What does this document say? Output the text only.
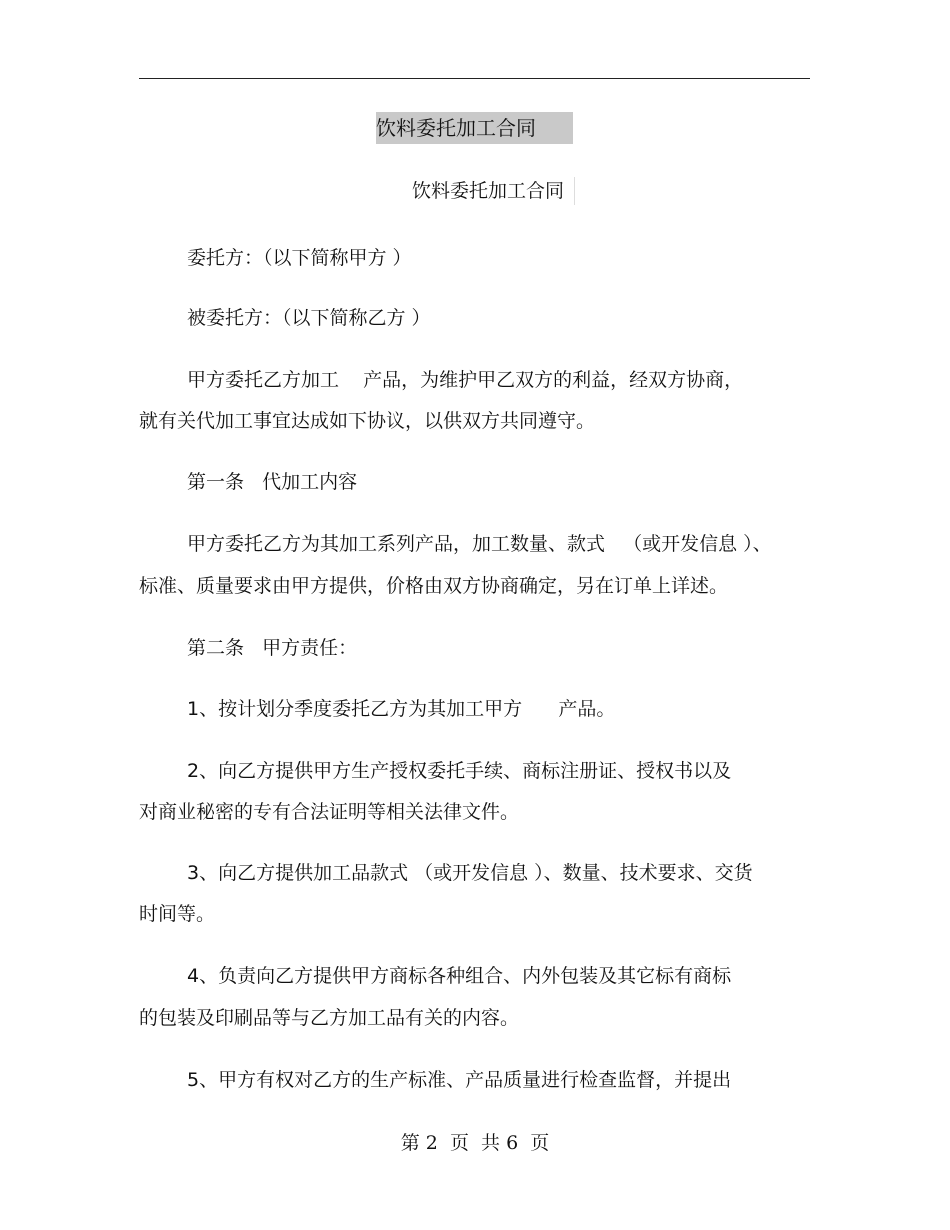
饮料委托加工合同
饮料委托加工合同
委托方：（以下简称甲方 ）
被委托方：（以下简称乙方 ）
甲方委托乙方加工    产品，为维护甲乙双方的利益，经双方协商，
就有关代加工事宜达成如下协议，以供双方共同遵守。
第一条   代加工内容
甲方委托乙方为其加工系列产品，加工数量、款式   （或开发信息 ）、
标准、质量要求由甲方提供，价格由双方协商确定，另在订单上详述。
第二条   甲方责任：
1、按计划分季度委托乙方为其加工甲方      产品。
2、向乙方提供甲方生产授权委托手续、商标注册证、授权书以及
对商业秘密的专有合法证明等相关法律文件。
3、向乙方提供加工品款式 （或开发信息 ）、数量、技术要求、交货
时间等。
4、负责向乙方提供甲方商标各种组合、内外包装及其它标有商标
的包装及印刷品等与乙方加工品有关的内容。
5、甲方有权对乙方的生产标准、产品质量进行检查监督，并提出
第 2  页  共 6  页
